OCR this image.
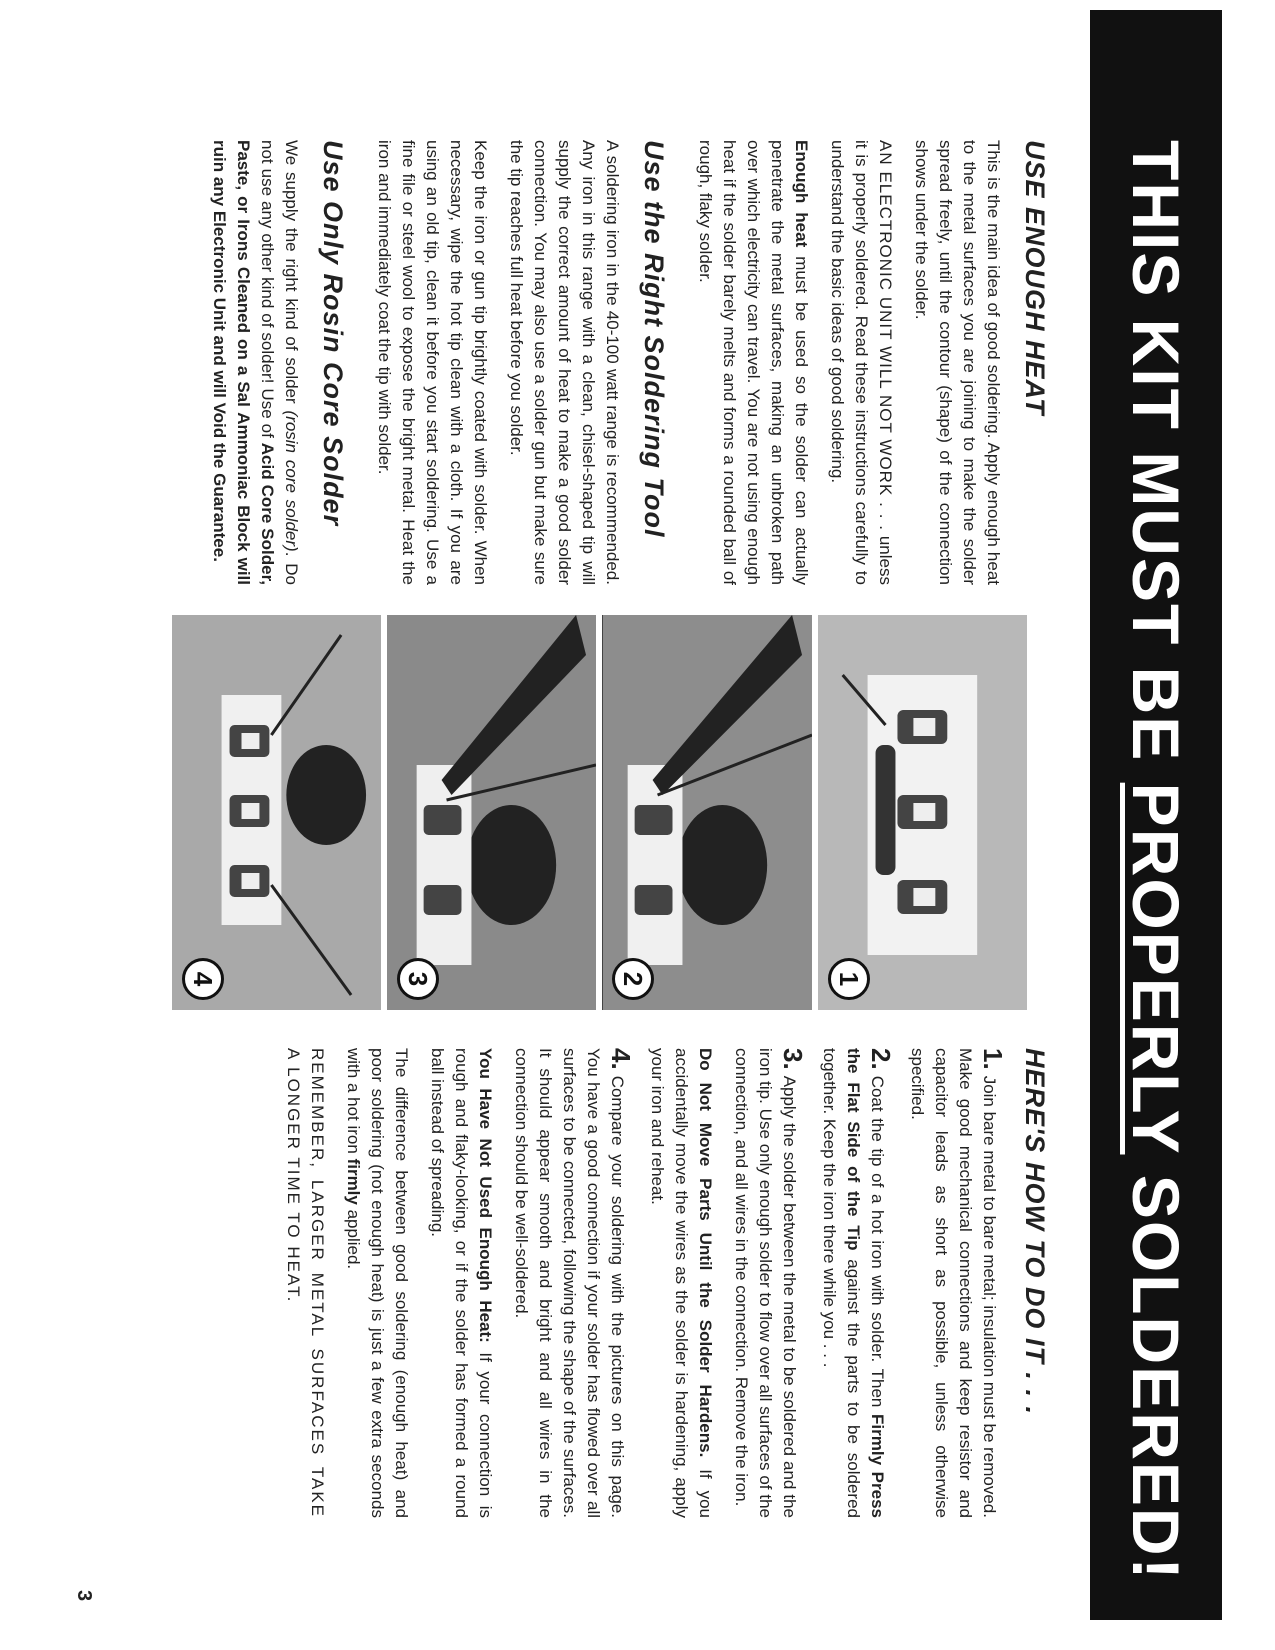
THIS KIT MUST BE PROPERLY SOLDERED!
USE ENOUGH HEAT

This is the main idea of good soldering. Apply enough heat to the metal surfaces you are joining to make the solder spread freely, until the contour (shape) of the connection shows under the solder.

AN ELECTRONIC UNIT WILL NOT WORK . . . unless it is properly soldered. Read these instructions carefully to understand the basic ideas of good soldering.

Enough heat must be used so the solder can actually penetrate the metal surfaces, making an unbroken path over which electricity can travel. You are not using enough heat if the solder barely melts and forms a rounded ball of rough, flaky solder.

Use the Right Soldering Tool

A soldering iron in the 40-100 watt range is recommended. Any iron in this range with a clean, chisel-shaped tip will supply the correct amount of heat to make a good solder connection. You may also use a solder gun but make sure the tip reaches full heat before you solder.

Keep the iron or gun tip brightly coated with solder. When necessary, wipe the hot tip clean with a cloth. If you are using an old tip, clean it before you start soldering. Use a fine file or steel wool to expose the bright metal. Heat the iron and immediately coat the tip with solder.

Use Only Rosin Core Solder

We supply the right kind of solder (rosin core solder). Do not use any other kind of solder! Use of Acid Core Solder, Paste, or Irons Cleaned on a Sal Ammoniac Block will ruin any Electronic Unit and will Void the Guarantee.

1
2
3
4
HERE'S HOW TO DO IT . . .

1.Join bare metal to bare metal; insulation must be removed. Make good mechanical connections and keep resistor and capacitor leads as short as possible, unless otherwise specified.

2.Coat the tip of a hot iron with solder. Then Firmly Press the Flat Side of the Tip against the parts to be soldered together. Keep the iron there while you . . .

3.Apply the solder between the metal to be soldered and the iron tip. Use only enough solder to flow over all surfaces of the connection, and all wires in the connection. Remove the iron.

Do Not Move Parts Until the Solder Hardens. If you accidentally move the wires as the solder is hardening, apply your iron and reheat.

4.Compare your soldering with the pictures on this page. You have a good connection if your solder has flowed over all surfaces to be connected, following the shape of the surfaces. It should appear smooth and bright and all wires in the connection should be well-soldered.

You Have Not Used Enough Heat: If your connection is rough and flaky-looking, or if the solder has formed a round ball instead of spreading.

The difference between good soldering (enough heat) and poor soldering (not enough heat) is just a few extra seconds with a hot iron firmly applied.

REMEMBER, LARGER METAL SURFACES TAKE A LONGER TIME TO HEAT.

3
